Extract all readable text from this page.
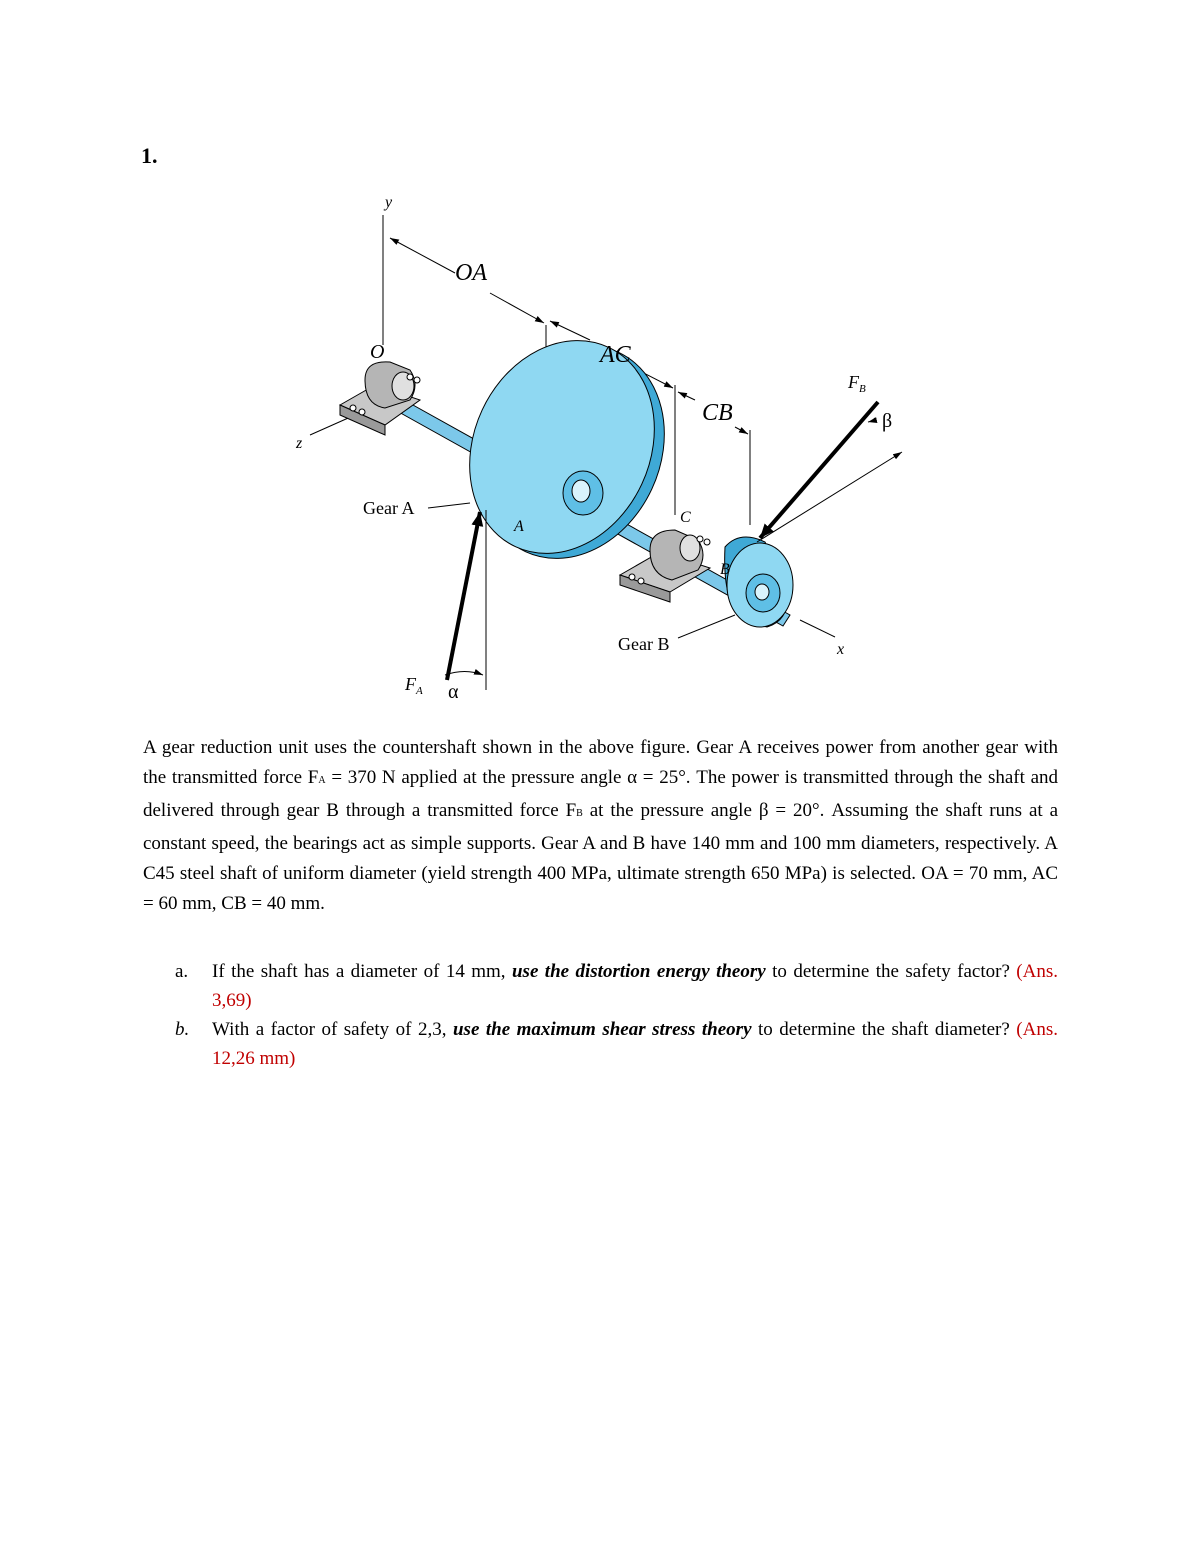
1.
y
z
x
O
OA
AC
CB
Gear A
Gear B
A
C
B
$F_A$ α
$F_B$
β
A gear reduction unit uses the countershaft shown in the above figure. Gear A receives power from another gear with the transmitted force FA = 370 N applied at the pressure angle α = 25°. The power is transmitted through the shaft and delivered through gear B through a transmitted force FB at the pressure angle β = 20°. Assuming the shaft runs at a constant speed, the bearings act as simple supports. Gear A and B have 140 mm and 100 mm diameters, respectively. A C45 steel shaft of uniform diameter (yield strength 400 MPa, ultimate strength 650 MPa) is selected. OA = 70 mm, AC = 60 mm, CB = 40 mm.
a. If the shaft has a diameter of 14 mm, use the distortion energy theory to determine the safety factor? (Ans. 3,69)
b. With a factor of safety of 2,3, use the maximum shear stress theory to determine the shaft diameter? (Ans. 12,26 mm)
